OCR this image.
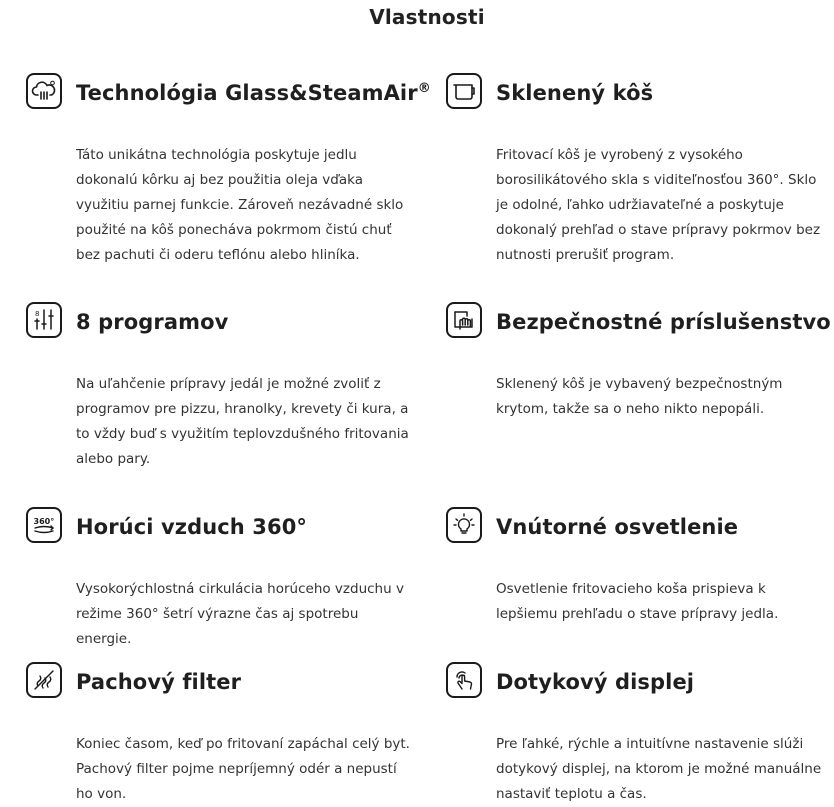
Vlastnosti
Technológia Glass&SteamAir®

Táto unikátna technológia poskytuje jedlu dokonalú kôrku aj bez použitia oleja vďaka využitiu parnej funkcie. Zároveň nezávadné sklo použité na kôš ponecháva pokrmom čistú chuť bez pachuti či oderu teflónu alebo hliníka.

Sklenený kôš

Fritovací kôš je vyrobený z vysokého borosilikátového skla s viditeľnosťou 360°. Sklo je odolné, ľahko udržiavateľné a poskytuje dokonalý prehľad o stave prípravy pokrmov bez nutnosti prerušiť program.

8 8 programov

Na uľahčenie prípravy jedál je možné zvoliť z programov pre pizzu, hranolky, krevety či kura, a to vždy buď s využitím teplovzdušného fritovania alebo pary.

Bezpečnostné príslušenstvo

Sklenený kôš je vybavený bezpečnostným krytom, takže sa o neho nikto nepopáli.

360° Horúci vzduch 360°

Vysokorýchlostná cirkulácia horúceho vzduchu v režime 360° šetrí výrazne čas aj spotrebu energie.

Vnútorné osvetlenie

Osvetlenie fritovacieho koša prispieva k lepšiemu prehľadu o stave prípravy jedla.

Pachový filter

Koniec časom, keď po fritovaní zapáchal celý byt. Pachový filter pojme nepríjemný odér a nepustí ho von.

Dotykový displej

Pre ľahké, rýchle a intuitívne nastavenie slúži dotykový displej, na ktorom je možné manuálne nastaviť teplotu a čas.
